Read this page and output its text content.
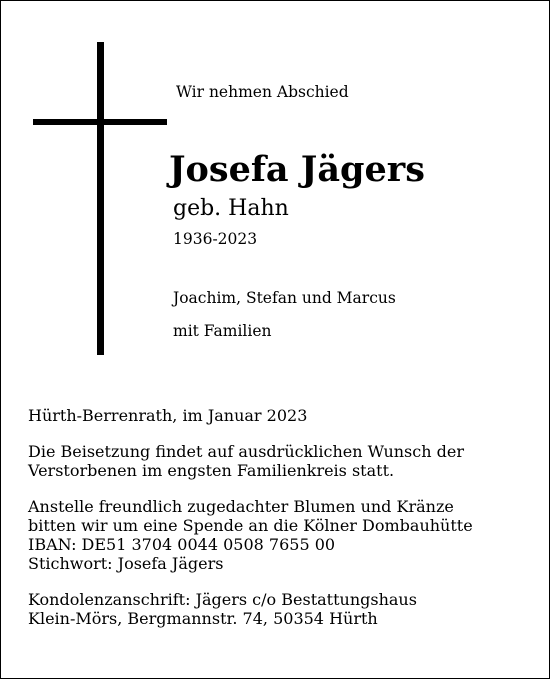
Wir nehmen Abschied
Josefa Jägers
geb. Hahn
1936-2023
Joachim, Stefan und Marcus
mit Familien

Hürth-Berrenrath, im Januar 2023

Die Beisetzung findet auf ausdrücklichen Wunsch der
Verstorbenen im engsten Familienkreis statt.

Anstelle freundlich zugedachter Blumen und Kränze
bitten wir um eine Spende an die Kölner Dombauhütte
IBAN: DE51 3704 0044 0508 7655 00
Stichwort: Josefa Jägers

Kondolenzanschrift: Jägers c/o Bestattungshaus
Klein-Mörs, Bergmannstr. 74, 50354 Hürth
